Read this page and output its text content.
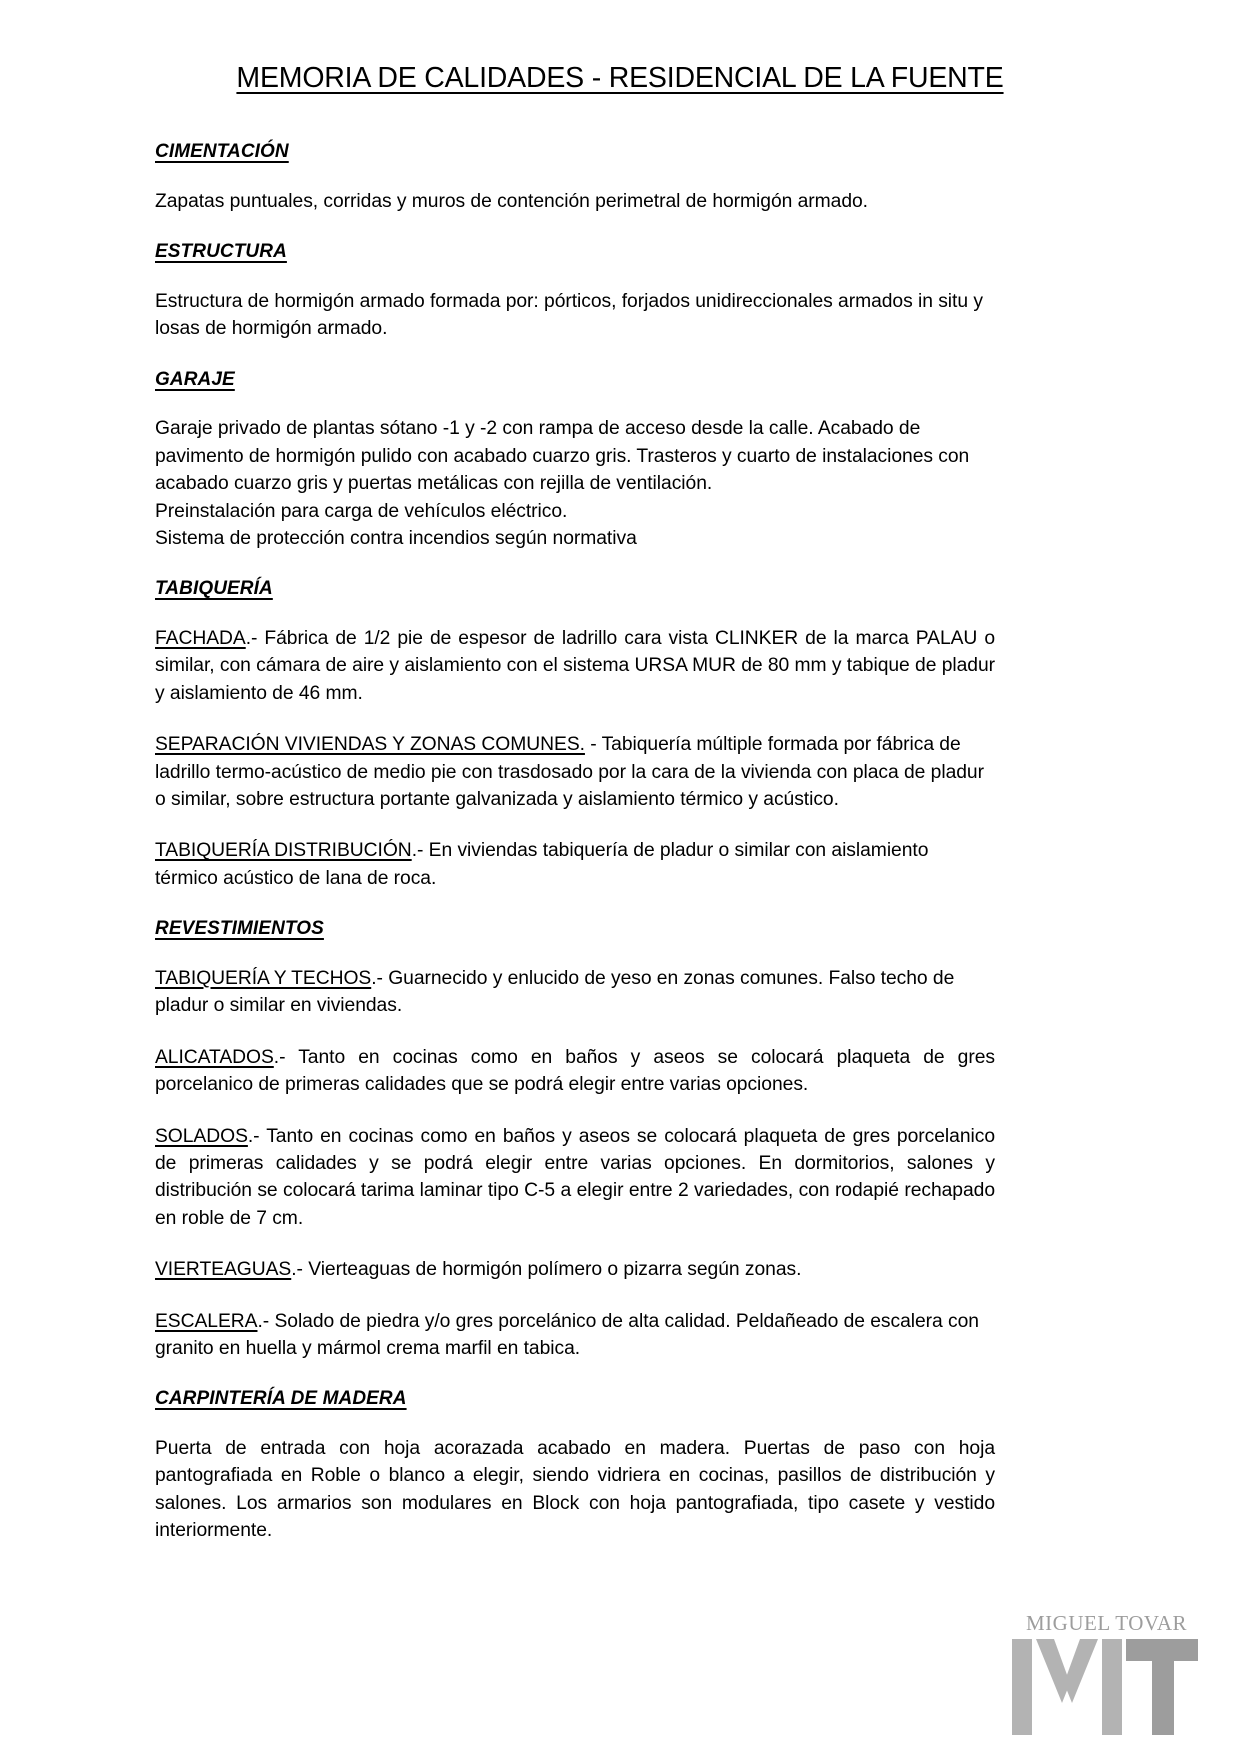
MEMORIA DE CALIDADES - RESIDENCIAL DE LA FUENTE
CIMENTACIÓN

Zapatas puntuales, corridas y muros de contención perimetral de hormigón armado.

ESTRUCTURA

Estructura de hormigón armado formada por: pórticos, forjados unidireccionales armados in situ y losas de hormigón armado.

GARAJE

Garaje privado de plantas sótano -1 y -2 con rampa de acceso desde la calle. Acabado de pavimento de hormigón pulido con acabado cuarzo gris. Trasteros y cuarto de instalaciones con acabado cuarzo gris y puertas metálicas con rejilla de ventilación.

Preinstalación para carga de vehículos eléctrico.

Sistema de protección contra incendios según normativa

TABIQUERÍA

FACHADA.- Fábrica de 1/2 pie de espesor de ladrillo cara vista CLINKER de la marca PALAU o similar, con cámara de aire y aislamiento con el sistema URSA MUR de 80 mm y tabique de pladur y aislamiento de 46 mm.

SEPARACIÓN VIVIENDAS Y ZONAS COMUNES. - Tabiquería múltiple formada por fábrica de ladrillo termo-acústico de medio pie con trasdosado por la cara de la vivienda con placa de pladur o similar, sobre estructura portante galvanizada y aislamiento térmico y acústico.

TABIQUERÍA DISTRIBUCIÓN.- En viviendas tabiquería de pladur o similar con aislamiento térmico acústico de lana de roca.

REVESTIMIENTOS

TABIQUERÍA Y TECHOS.- Guarnecido y enlucido de yeso en zonas comunes. Falso techo de pladur o similar en viviendas.

ALICATADOS.- Tanto en cocinas como en baños y aseos se colocará plaqueta de gres porcelanico de primeras calidades que se podrá elegir entre varias opciones.

SOLADOS.- Tanto en cocinas como en baños y aseos se colocará plaqueta de gres porcelanico de primeras calidades y se podrá elegir entre varias opciones. En dormitorios, salones y distribución se colocará tarima laminar tipo C-5 a elegir entre 2 variedades, con rodapié rechapado en roble de 7 cm.

VIERTEAGUAS.- Vierteaguas de hormigón polímero o pizarra según zonas.

ESCALERA.- Solado de piedra y/o gres porcelánico de alta calidad. Peldañeado de escalera con granito en huella y mármol crema marfil en tabica.

CARPINTERÍA DE MADERA

Puerta de entrada con hoja acorazada acabado en madera. Puertas de paso con hoja pantografiada en Roble o blanco a elegir, siendo vidriera en cocinas, pasillos de distribución y salones. Los armarios son modulares en Block con hoja pantografiada, tipo casete y vestido interiormente.

MIGUEL TOVAR
